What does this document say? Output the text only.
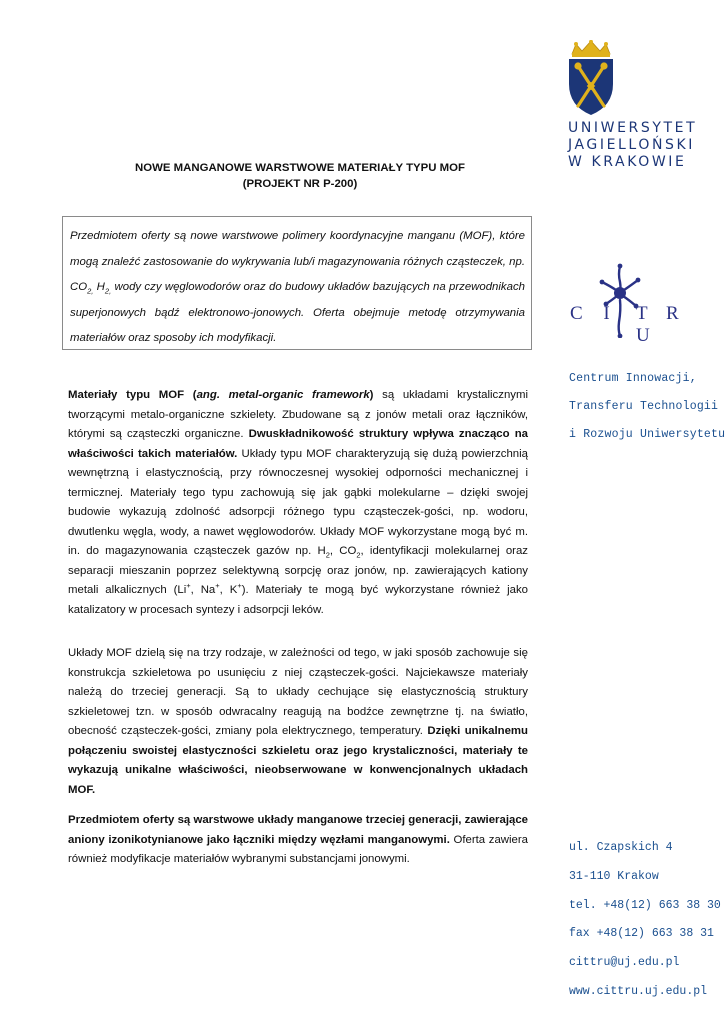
UNIWERSYTET
JAGIELLOŃSKI
W KRAKOWIE
C I T R U
Centrum Innowacji,
Transferu Technologii
i Rozwoju Uniwersytetu
ul. Czapskich 4
31-110 Krakow
tel. +48(12) 663 38 30
fax +48(12) 663 38 31
cittru@uj.edu.pl
www.cittru.uj.edu.pl
NOWE MANGANOWE WARSTWOWE MATERIAŁY TYPU MOF
(PROJEKT NR P-200)

Przedmiotem oferty są nowe warstwowe polimery koordynacyjne manganu (MOF), które mogą znaleźć zastosowanie do wykrywania lub/i magazynowania różnych cząsteczek, np. $CO_{2,}$ $H_{2,}$ wody czy węglowodorów oraz do budowy układów bazujących na przewodnikach superjonowych bądź elektronowo-jonowych. Oferta obejmuje metodę otrzymywania materiałów oraz sposoby ich modyfikacji.

Materiały typu MOF (ang. metal-organic framework) są układami krystalicznymi tworzącymi metalo-organiczne szkielety. Zbudowane są z jonów metali oraz łączników, którymi są cząsteczki organiczne. Dwuskładnikowość struktury wpływa znacząco na właściwości takich materiałów. Układy typu MOF charakteryzują się dużą powierzchnią wewnętrzną i elastycznością, przy równoczesnej wysokiej odporności mechanicznej i termicznej. Materiały tego typu zachowują się jak gąbki molekularne – dzięki swojej budowie wykazują zdolność adsorpcji różnego typu cząsteczek-gości, np. wodoru, dwutlenku węgla, wody, a nawet węglowodorów. Układy MOF wykorzystane mogą być m. in. do magazynowania cząsteczek gazów np. $H_2$, $CO_2$, identyfikacji molekularnej oraz separacji mieszanin poprzez selektywną sorpcję oraz jonów, np. zawierających kationy metali alkalicznych (Li+, Na+, K+). Materiały te mogą być wykorzystane również jako katalizatory w procesach syntezy i adsorpcji leków.

Układy MOF dzielą się na trzy rodzaje, w zależności od tego, w jaki sposób zachowuje się konstrukcja szkieletowa po usunięciu z niej cząsteczek-gości. Najciekawsze materiały należą do trzeciej generacji. Są to układy cechujące się elastycznością struktury szkieletowej tzn. w sposób odwracalny reagują na bodźce zewnętrzne tj. na światło, obecność cząsteczek-gości, zmiany pola elektrycznego, temperatury. Dzięki unikalnemu połączeniu swoistej elastyczności szkieletu oraz jego krystaliczności, materiały te wykazują unikalne właściwości, nieobserwowane w konwencjonalnych układach MOF.

Przedmiotem oferty są warstwowe układy manganowe trzeciej generacji, zawierające aniony izonikotynianowe jako łączniki między węzłami manganowymi. Oferta zawiera również modyfikacje materiałów wybranymi substancjami jonowymi.
